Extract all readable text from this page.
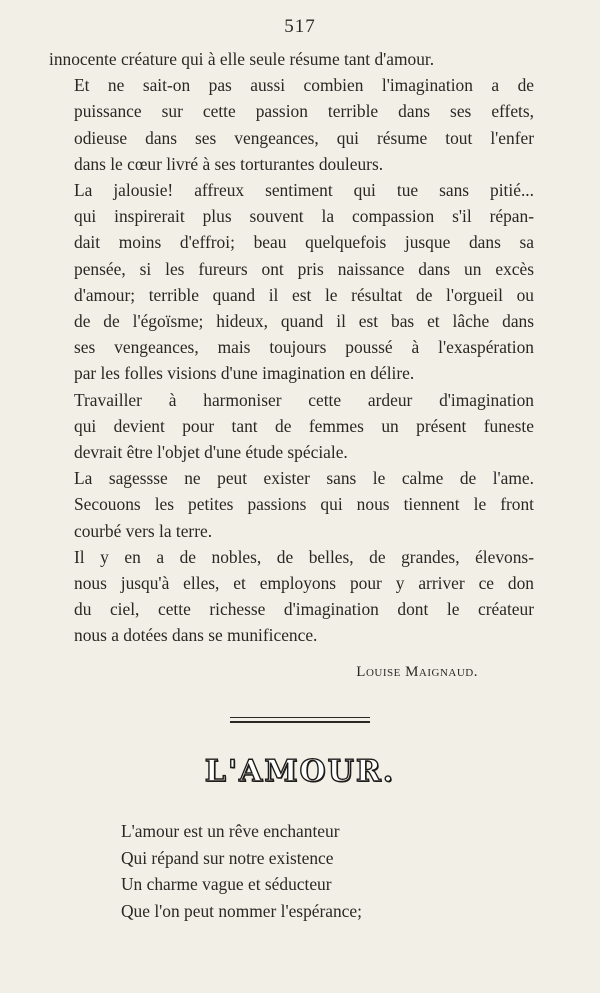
517

innocente créature qui à elle seule résume tant d'amour.

Et ne sait-on pas aussi combien l'imagination a de
puissance sur cette passion terrible dans ses effets,
odieuse dans ses vengeances, qui résume tout l'enfer
dans le cœur livré à ses torturantes douleurs.

La jalousie! affreux sentiment qui tue sans pitié...
qui inspirerait plus souvent la compassion s'il répan-
dait moins d'effroi; beau quelquefois jusque dans sa
pensée, si les fureurs ont pris naissance dans un excès
d'amour; terrible quand il est le résultat de l'orgueil ou
de de l'égoïsme; hideux, quand il est bas et lâche dans
ses vengeances, mais toujours poussé à l'exaspération
par les folles visions d'une imagination en délire.

Travailler à harmoniser cette ardeur d'imagination
qui devient pour tant de femmes un présent funeste
devrait être l'objet d'une étude spéciale.

La sagessse ne peut exister sans le calme de l'ame.
Secouons les petites passions qui nous tiennent le front
courbé vers la terre.

Il y en a de nobles, de belles, de grandes, élevons-
nous jusqu'à elles, et employons pour y arriver ce don
du ciel, cette richesse d'imagination dont le créateur
nous a dotées dans se munificence.

Louise Maignaud.
L'AMOUR.
L'amour est un rêve enchanteur
Qui répand sur notre existence
Un charme vague et séducteur
Que l'on peut nommer l'espérance;
